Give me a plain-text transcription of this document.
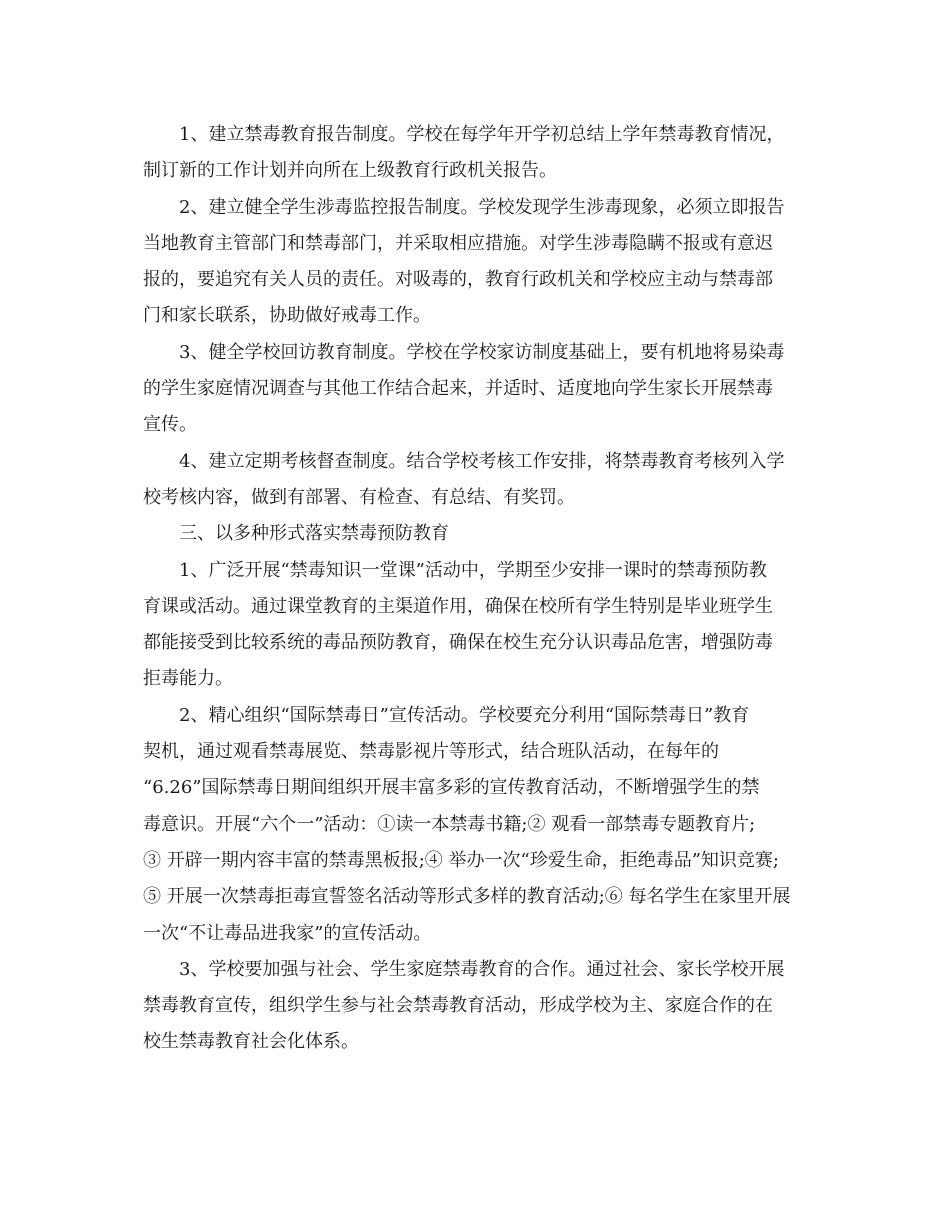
1、建立禁毒教育报告制度。学校在每学年开学初总结上学年禁毒教育情况，
制订新的工作计划并向所在上级教育行政机关报告。
2、建立健全学生涉毒监控报告制度。学校发现学生涉毒现象，必须立即报告
当地教育主管部门和禁毒部门，并采取相应措施。对学生涉毒隐瞒不报或有意迟
报的，要追究有关人员的责任。对吸毒的，教育行政机关和学校应主动与禁毒部
门和家长联系，协助做好戒毒工作。
3、健全学校回访教育制度。学校在学校家访制度基础上，要有机地将易染毒
的学生家庭情况调查与其他工作结合起来，并适时、适度地向学生家长开展禁毒
宣传。
4、建立定期考核督查制度。结合学校考核工作安排，将禁毒教育考核列入学
校考核内容，做到有部署、有检查、有总结、有奖罚。
三、以多种形式落实禁毒预防教育
1、广泛开展“禁毒知识一堂课”活动中，学期至少安排一课时的禁毒预防教
育课或活动。通过课堂教育的主渠道作用，确保在校所有学生特别是毕业班学生
都能接受到比较系统的毒品预防教育，确保在校生充分认识毒品危害，增强防毒
拒毒能力。
2、精心组织“国际禁毒日”宣传活动。学校要充分利用“国际禁毒日”教育
契机，通过观看禁毒展览、禁毒影视片等形式，结合班队活动，在每年的
“6.26”国际禁毒日期间组织开展丰富多彩的宣传教育活动，不断增强学生的禁
毒意识。开展“六个一”活动：①读一本禁毒书籍;② 观看一部禁毒专题教育片;
③ 开辟一期内容丰富的禁毒黑板报;④ 举办一次“珍爱生命，拒绝毒品”知识竞赛;
⑤ 开展一次禁毒拒毒宣誓签名活动等形式多样的教育活动;⑥ 每名学生在家里开展
一次“不让毒品进我家”的宣传活动。
3、学校要加强与社会、学生家庭禁毒教育的合作。通过社会、家长学校开展
禁毒教育宣传，组织学生参与社会禁毒教育活动，形成学校为主、家庭合作的在
校生禁毒教育社会化体系。
